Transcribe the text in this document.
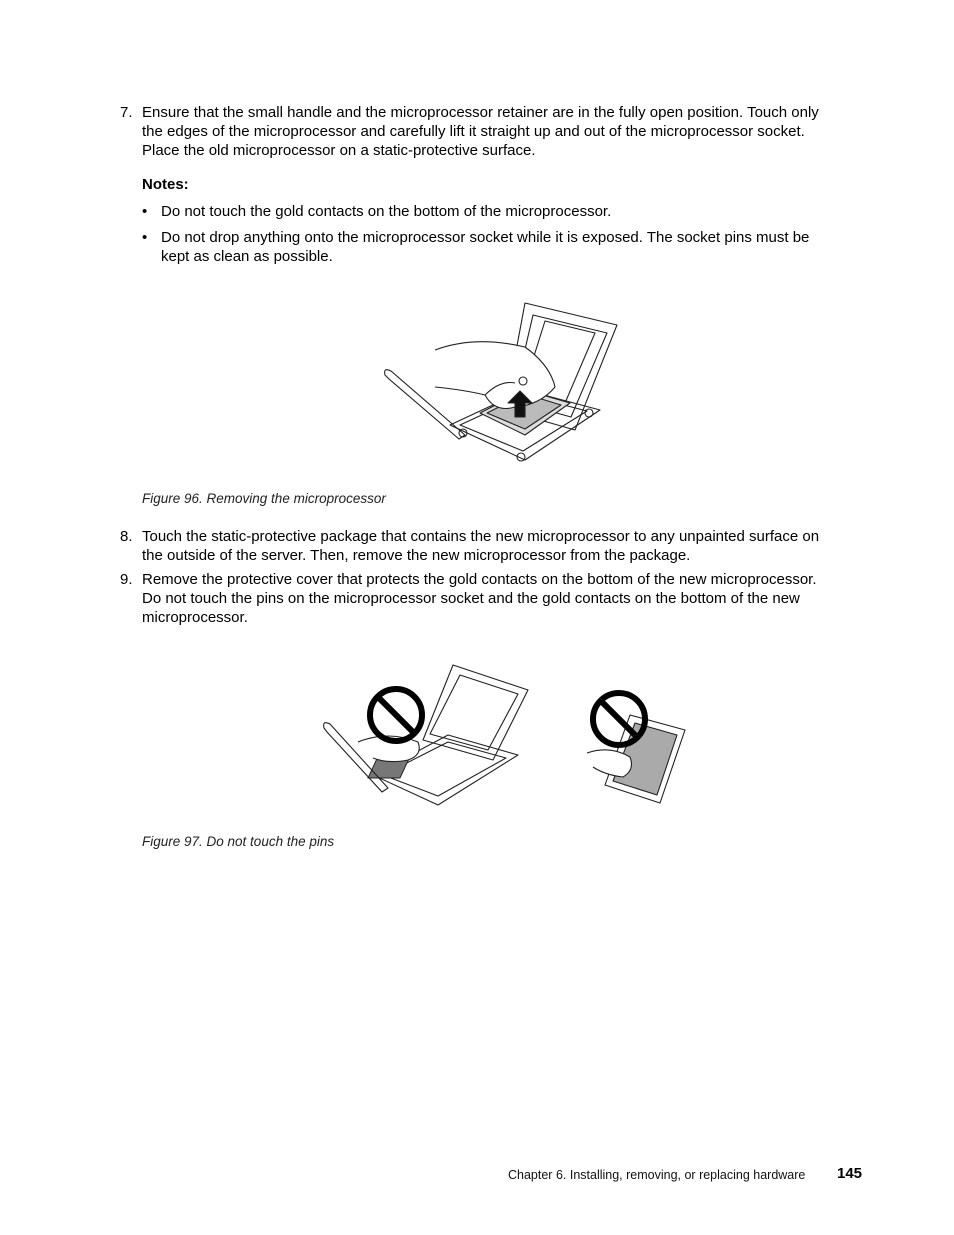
7. Ensure that the small handle and the microprocessor retainer are in the fully open position. Touch only
the edges of the microprocessor and carefully lift it straight up and out of the microprocessor socket.
Place the old microprocessor on a static-protective surface.
Notes:
• Do not touch the gold contacts on the bottom of the microprocessor.
• Do not drop anything onto the microprocessor socket while it is exposed. The socket pins must be
kept as clean as possible.
Figure 96. Removing the microprocessor
8. Touch the static-protective package that contains the new microprocessor to any unpainted surface on
the outside of the server. Then, remove the new microprocessor from the package.
9. Remove the protective cover that protects the gold contacts on the bottom of the new microprocessor.
Do not touch the pins on the microprocessor socket and the gold contacts on the bottom of the new
microprocessor.
Figure 97. Do not touch the pins
Chapter 6. Installing, removing, or replacing hardware 145
